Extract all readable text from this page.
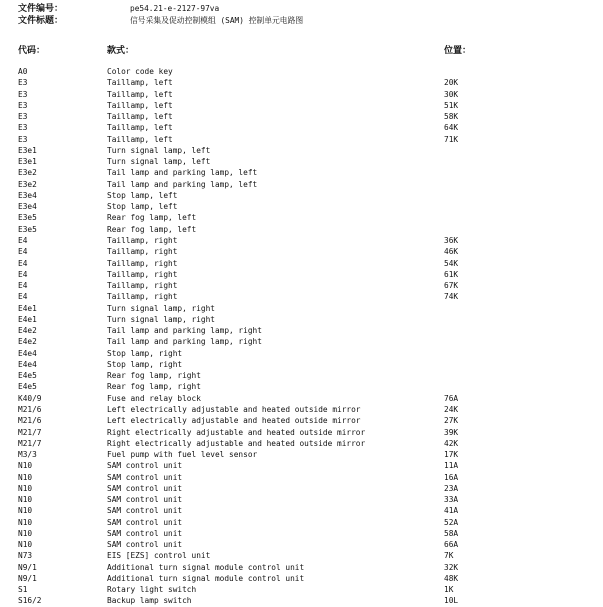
文件编号：	pe54.21-e-2127-97va
文件标题：	信号采集及促动控制模组 (SAM) 控制单元电路图
代码：	款式：	位置：
A0	Color code key
E3	Taillamp, left	20K
E3	Taillamp, left	30K
E3	Taillamp, left	51K
E3	Taillamp, left	58K
E3	Taillamp, left	64K
E3	Taillamp, left	71K
E3e1	Turn signal lamp, left
E3e1	Turn signal lamp, left
E3e2	Tail lamp and parking lamp, left
E3e2	Tail lamp and parking lamp, left
E3e4	Stop lamp, left
E3e4	Stop lamp, left
E3e5	Rear fog lamp, left
E3e5	Rear fog lamp, left
E4	Taillamp, right	36K
E4	Taillamp, right	46K
E4	Taillamp, right	54K
E4	Taillamp, right	61K
E4	Taillamp, right	67K
E4	Taillamp, right	74K
E4e1	Turn signal lamp, right
E4e1	Turn signal lamp, right
E4e2	Tail lamp and parking lamp, right
E4e2	Tail lamp and parking lamp, right
E4e4	Stop lamp, right
E4e4	Stop lamp, right
E4e5	Rear fog lamp, right
E4e5	Rear fog lamp, right
K40/9	Fuse and relay block	76A
M21/6	Left electrically adjustable and heated outside mirror	24K
M21/6	Left electrically adjustable and heated outside mirror	27K
M21/7	Right electrically adjustable and heated outside mirror	39K
M21/7	Right electrically adjustable and heated outside mirror	42K
M3/3	Fuel pump with fuel level sensor	17K
N10	SAM control unit	11A
N10	SAM control unit	16A
N10	SAM control unit	23A
N10	SAM control unit	33A
N10	SAM control unit	41A
N10	SAM control unit	52A
N10	SAM control unit	58A
N10	SAM control unit	66A
N73	EIS [EZS] control unit	7K
N9/1	Additional turn signal module control unit	32K
N9/1	Additional turn signal module control unit	48K
S1	Rotary light switch	1K
S16/2	Backup lamp switch	10L
